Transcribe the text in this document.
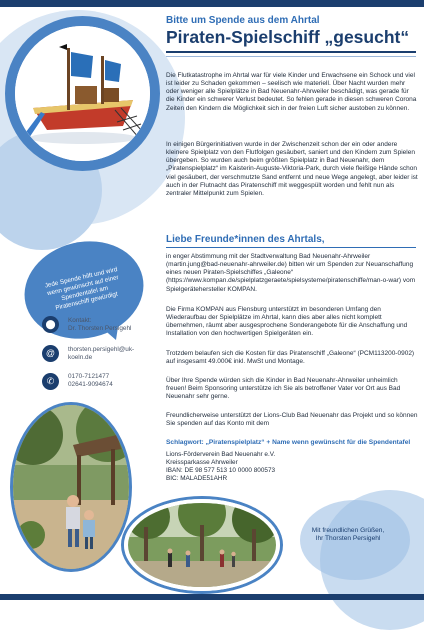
Jede Spende hilft und wird wenn gewünscht auf einer Spendentafel am Piratenschiff gewürdigt
⬤	Kontakt:
Dr. Thorsten Persigehl
@	thorsten.persigehl@uk-koeln.de
✆	0170-7121477
02641-9094674
Bitte um Spende aus dem Ahrtal
Piraten-Spielschiff „gesucht“
Die Flutkatastrophe im Ahrtal war für viele Kinder und Erwachsene ein Schock und viel ist leider zu Schaden gekommen – seelisch wie materiell. Über Nacht wurden mehr oder weniger alle Spielplätze in Bad Neuenahr-Ahrweiler beschädigt, was gerade für die Kinder ein schwerer Verlust bedeutet. So fehlen gerade in diesen schweren Corona Zeiten den Kindern die Möglichkeit sich in der freien Luft sicher austoben zu können.
In einigen Bürgerinitiativen wurde in der Zwischenzeit schon der ein oder andere kleinere Spielplatz von den Flutfolgen gesäubert, saniert und den Kindern zum Spielen übergeben. So wurden auch beim größten Spielplatz in Bad Neuenahr, dem „Piratenspielplatz“ im Kaisterin-Auguste-Viktoria-Park, durch viele fleißige Hände schon viel gesäubert, der verschmutzte Sand entfernt und neue Wege angelegt, aber leider ist auch in der Flutnacht das Piratenschiff mit weggespült worden und fehlt nun als zentraler Mittelpunkt zum Spielen.
Liebe Freunde*innen des Ahrtals,
in enger Abstimmung mit der Stadtverwaltung Bad Neuenahr-Ahrweiler (martin.jung@bad-neuenahr-ahrweiler.de) bitten wir um Spenden zur Neuanschaffung eines neuen Piraten-Spielschiffes „Galeone“ (https://www.kompan.de/spielplatzgeraete/spielsysteme/piratenschiffe/man-o-war) vom Spielgerätehersteller KOMPAN.
Die Firma KOMPAN aus Flensburg unterstützt im besonderen Umfang den Wiederaufbau der Spielplätze im Ahrtal, kann dies aber alles nicht komplett übernehmen, räumt aber ausgesprochene Sonderangebote für die Anschaffung und Installation von den hochwertigen Spielgeräten ein.
Trotzdem belaufen sich die Kosten für das Piratenschiff „Galeone“ (PCM113200-0902) auf insgesamt 49.000€ inkl. MwSt und Montage.
Über Ihre Spende würden sich die Kinder in Bad Neuenahr-Ahrweiler unheimlich freuen! Beim Sponsoring unterstütze ich Sie als betroffener Vater vor Ort aus Bad Neuenahr sehr gerne.
Freundlicherweise unterstützt der Lions-Club Bad Neuenahr das Projekt und so können Sie spenden auf das Konto mit dem
Schlagwort: „Piratenspielplatz“ + Name wenn gewünscht für die Spendentafel
Lions-Förderverein Bad Neuenahr e.V.
Kreissparkasse Ahrweiler
IBAN: DE 98 577 513 10 0000 800573
BIC: MALADE51AHR
Mit freundlichen Grüßen,
Ihr Thorsten Persigehl
